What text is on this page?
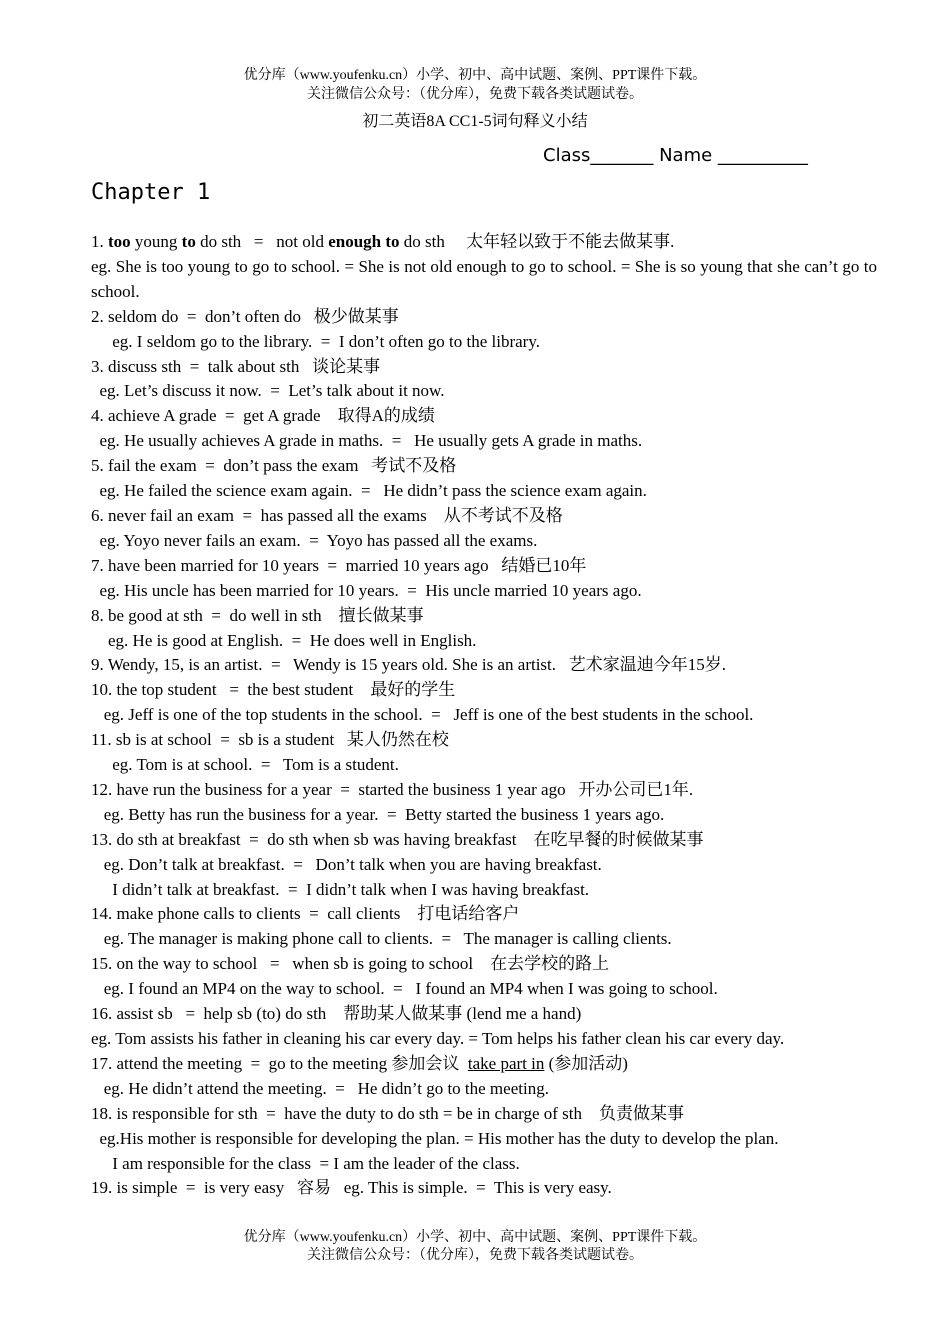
优分库（www.youfenku.cn）小学、初中、高中试题、案例、PPT课件下载。
关注微信公众号：（优分库），免费下载各类试题试卷。
初二英语8A CC1-5词句释义小结
Class_______ Name __________
Chapter 1
1. too young to do sth   =   not old enough to do sth     太年轻以致于不能去做某事.
eg. She is too young to go to school. = She is not old enough to go to school. = She is so young that she can’t go to school.
2. seldom do  =  don’t often do   极少做某事
eg. I seldom go to the library.  =  I don’t often go to the library.
3. discuss sth  =  talk about sth   谈论某事
eg. Let’s discuss it now.  =  Let’s talk about it now.
4. achieve A grade  =  get A grade    取得A的成绩
eg. He usually achieves A grade in maths.  =   He usually gets A grade in maths.
5. fail the exam  =  don’t pass the exam   考试不及格
eg. He failed the science exam again.  =   He didn’t pass the science exam again.
6. never fail an exam  =  has passed all the exams    从不考试不及格
eg. Yoyo never fails an exam.  =  Yoyo has passed all the exams.
7. have been married for 10 years  =  married 10 years ago   结婚已10年
eg. His uncle has been married for 10 years.  =  His uncle married 10 years ago.
8. be good at sth  =  do well in sth    擅长做某事
eg. He is good at English.  =  He does well in English.
9. Wendy, 15, is an artist.  =   Wendy is 15 years old. She is an artist.   艺术家温迪今年15岁.
10. the top student   =  the best student    最好的学生
eg. Jeff is one of the top students in the school.  =   Jeff is one of the best students in the school.
11. sb is at school  =  sb is a student   某人仍然在校
eg. Tom is at school.  =   Tom is a student.
12. have run the business for a year  =  started the business 1 year ago   开办公司已1年.
eg. Betty has run the business for a year.  =  Betty started the business 1 years ago.
13. do sth at breakfast  =  do sth when sb was having breakfast    在吃早餐的时候做某事
eg. Don’t talk at breakfast.  =   Don’t talk when you are having breakfast.
I didn’t talk at breakfast.  =  I didn’t talk when I was having breakfast.
14. make phone calls to clients  =  call clients    打电话给客户
eg. The manager is making phone call to clients.  =   The manager is calling clients.
15. on the way to school   =   when sb is going to school    在去学校的路上
eg. I found an MP4 on the way to school.  =   I found an MP4 when I was going to school.
16. assist sb   =  help sb (to) do sth    帮助某人做某事 (lend me a hand)
eg. Tom assists his father in cleaning his car every day. = Tom helps his father clean his car every day.
17. attend the meeting  =  go to the meeting 参加会议  take part in (参加活动)
eg. He didn’t attend the meeting.  =   He didn’t go to the meeting.
18. is responsible for sth  =  have the duty to do sth = be in charge of sth    负责做某事
eg.His mother is responsible for developing the plan. = His mother has the duty to develop the plan.
I am responsible for the class  = I am the leader of the class.
19. is simple  =  is very easy   容易   eg. This is simple.  =  This is very easy.
优分库（www.youfenku.cn）小学、初中、高中试题、案例、PPT课件下载。
关注微信公众号：（优分库），免费下载各类试题试卷。
